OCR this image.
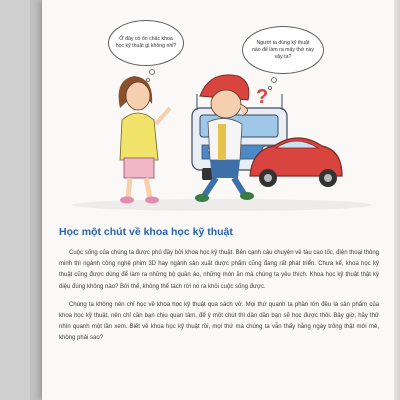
Ở đây có ổn chấc khoa học kỹ thuật gì không nhỉ?
Người ta dùng kỹ thuật nào để làm ra mấy thứ này vậy ta?
?
Học một chút về khoa học kỹ thuật

Cuộc sống của chúng ta được phủ đầy bởi khoa học kỹ thuật. Bên cạnh câu chuyện về tàu cao tốc, điện thoại thông minh thì ngành công nghệ phim 3D hay ngành sản xuất dược phẩm cũng đang rất phát triển. Chưa kể, khoa học kỹ thuật cũng được dùng để làm ra những bộ quần áo, những món ăn mà chúng ta yêu thích. Khoa học kỹ thuật thật kỳ diệu đúng không nào? Bởi thế, không thể tách rời nó ra khỏi cuộc sống được.

Chúng ta không nên chỉ học về khoa học kỹ thuật qua sách vở. Mọi thứ quanh ta phần lớn đều là sản phẩm của khoa học kỹ thuật, nên chỉ cần bạn chịu quan tâm, để ý một chút thì dần dần bạn sẽ học được thôi. Bây giờ, hãy thử nhìn quanh một lần xem. Biết về khoa học kỹ thuật rồi, mọi thứ mà chúng ta vẫn thấy hằng ngày trông thật mới mẻ, không phải sao?
